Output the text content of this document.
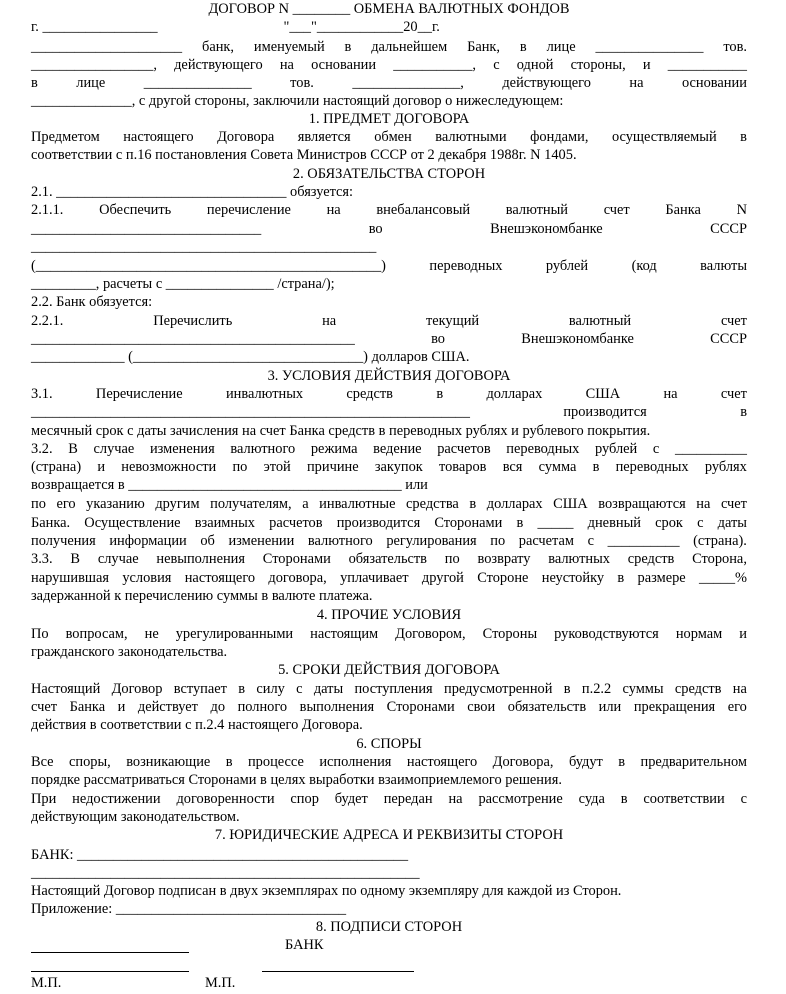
ДОГОВОР N ________ ОБМЕНА ВАЛЮТНЫХ ФОНДОВ
г. ________________                                   "___"____________20__г.
_____________________ банк, именуемый в дальнейшем Банк, в лице _______________ тов.
_________________, действующего на основании ___________, с одной стороны, и ___________
в	лице	_______________	тов.	_______________,	действующего	на	основании
______________, с другой стороны, заключили настоящий договор о нижеследующем:
1. ПРЕДМЕТ ДОГОВОРА
Предметом настоящего Договора является обмен валютными фондами, осуществляемый в
соответствии с п.16 постановления Совета Министров СССР от 2 декабря 1988г. N 1405.
2. ОБЯЗАТЕЛЬСТВА СТОРОН
2.1. ________________________________ обязуется:
2.1.1. Обеспечить перечисление на внебалансовый валютный счет Банка N
________________________________	во	Внешэкономбанке	СССР
________________________________________________
(________________________________________________)	переводных	рублей	(код	валюты
_________, расчеты с _______________ /страна/);
2.2. Банк обязуется:
2.2.1.	Перечислить	на	текущий	валютный	счет
_____________________________________________	во	Внешэкономбанке	СССР
_____________ (________________________________) долларов США.
3. УСЛОВИЯ ДЕЙСТВИЯ ДОГОВОРА
3.1.	Перечисление	инвалютных	средств	в	долларах	США	на	счет
_____________________________________________________________	производится	в
месячный срок с даты зачисления на счет Банка средств в переводных рублях и рублевого покрытия.
3.2. В случае изменения валютного режима ведение расчетов переводных рублей с __________
(страна) и невозможности по этой причине закупок товаров вся сумма в переводных рублях
возвращается в ______________________________________ или
по его указанию другим получателям, а инвалютные средства в долларах США возвращаются на счет
Банка. Осуществление взаимных расчетов производится Сторонами в _____ дневный срок с даты
получения информации об изменении валютного регулирования по расчетам с __________ (страна).
3.3. В случае невыполнения Сторонами обязательств по возврату валютных средств Сторона,
нарушившая условия настоящего договора, уплачивает другой Стороне неустойку в размере _____%
задержанной к перечислению суммы в валюте платежа.
4. ПРОЧИЕ УСЛОВИЯ
По вопросам, не урегулированными настоящим Договором, Стороны руководствуются нормам и
гражданского законодательства.
5. СРОКИ ДЕЙСТВИЯ ДОГОВОРА
Настоящий Договор вступает в силу с даты поступления предусмотренной в п.2.2 суммы средств на
счет Банка и действует до полного выполнения Сторонами свои обязательств или прекращения его
действия в соответствии с п.2.4 настоящего Договора.
6. СПОРЫ
Все споры, возникающие в процессе исполнения настоящего Договора, будут в предварительном
порядке рассматриваться Сторонами в целях выработки взаимоприемлемого решения.
При недостижении договоренности спор будет передан на рассмотрение суда в соответствии с
действующим законодательством.
7. ЮРИДИЧЕСКИЕ АДРЕСА И РЕКВИЗИТЫ СТОРОН
БАНК: ______________________________________________
______________________________________________________
Настоящий Договор подписан в двух экземплярах по одному экземпляру для каждой из Сторон.
Приложение: ________________________________
8. ПОДПИСИ СТОРОН
БАНК
М.П.	М.П.
